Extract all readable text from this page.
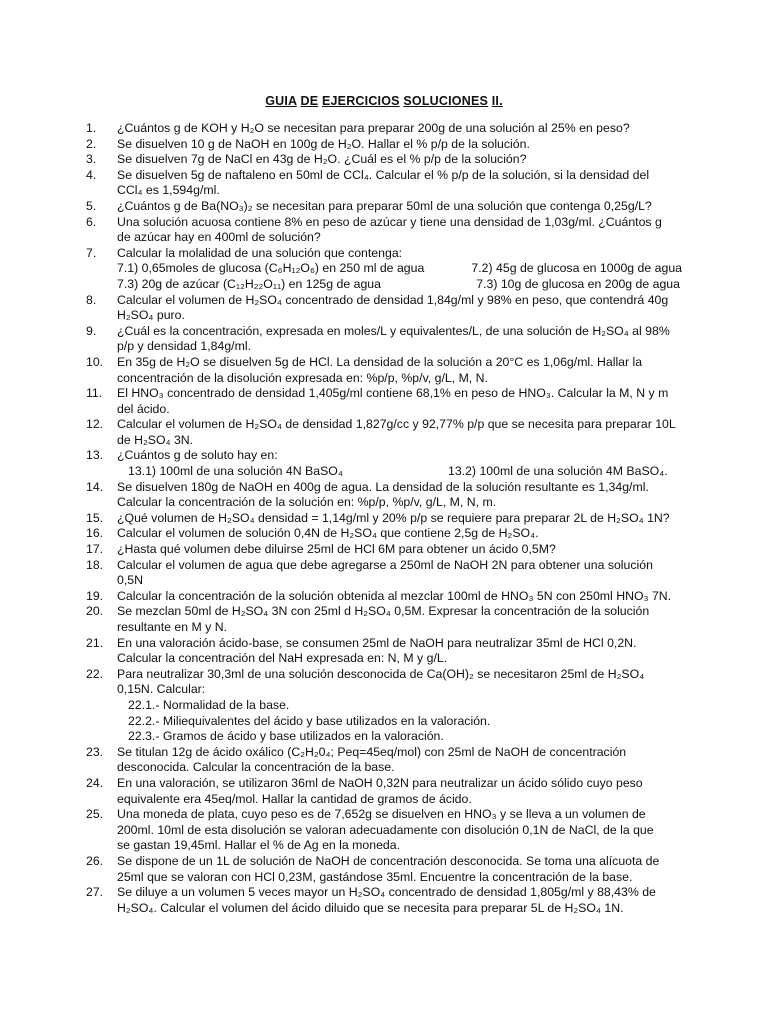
GUIA DE EJERCICIOS SOLUCIONES II.
1. ¿Cuántos g de KOH y H₂O se necesitan para preparar 200g de una solución al 25% en peso?
2. Se disuelven 10 g de NaOH en 100g de H₂O. Hallar el % p/p de la solución.
3. Se disuelven 7g de NaCl en 43g de H₂O. ¿Cuál es el % p/p de la solución?
4. Se disuelven 5g de naftaleno en 50ml de CCl₄. Calcular el % p/p de la solución, si la densidad del
CCl₄ es 1,594g/ml.
5. ¿Cuántos g de Ba(NO₃)₂ se necesitan para preparar 50ml de una solución que contenga 0,25g/L?
6. Una solución acuosa contiene 8% en peso de azúcar y tiene una densidad de 1,03g/ml. ¿Cuántos g
de azúcar hay en 400ml de solución?
7. Calcular la molalidad de una solución que contenga:
7.1) 0,65moles de glucosa (C₆H₁₂O₆) en 250 ml de agua	7.2) 45g de glucosa en 1000g de agua
7.3) 20g de azúcar (C₁₂H₂₂O₁₁) en 125g de agua	7.3) 10g de glucosa en 200g de agua
8. Calcular el volumen de H₂SO₄ concentrado de densidad 1,84g/ml y 98% en peso, que contendrá 40g
H₂SO₄ puro.
9. ¿Cuál es la concentración, expresada en moles/L y equivalentes/L, de una solución de H₂SO₄ al 98%
p/p y densidad 1,84g/ml.
10. En 35g de H₂O se disuelven 5g de HCl. La densidad de la solución a 20°C es 1,06g/ml. Hallar la
concentración de la disolución expresada en: %p/p, %p/v, g/L, M, N.
11. El HNO₃ concentrado de densidad 1,405g/ml contiene 68,1% en peso de HNO₃. Calcular la M, N y m
del ácido.
12. Calcular el volumen de H₂SO₄ de densidad 1,827g/cc y 92,77% p/p que se necesita para preparar 10L
de H₂SO₄ 3N.
13. ¿Cuántos g de soluto hay en:
13.1) 100ml de una solución 4N BaSO₄	13.2) 100ml de una solución 4M BaSO₄.
14. Se disuelven 180g de NaOH en 400g de agua. La densidad de la solución resultante es 1,34g/ml.
Calcular la concentración de la solución en: %p/p, %p/v, g/L, M, N, m.
15. ¿Qué volumen de H₂SO₄ densidad = 1,14g/ml y 20% p/p se requiere para preparar 2L de H₂SO₄ 1N?
16. Calcular el volumen de solución 0,4N de H₂SO₄ que contiene 2,5g de H₂SO₄.
17. ¿Hasta qué volumen debe diluirse 25ml de HCl 6M para obtener un ácido 0,5M?
18. Calcular el volumen de agua que debe agregarse a 250ml de NaOH 2N para obtener una solución
0,5N
19. Calcular la concentración de la solución obtenida al mezclar 100ml de HNO₃ 5N con 250ml HNO₃ 7N.
20. Se mezclan 50ml de H₂SO₄ 3N con 25ml d H₂SO₄ 0,5M. Expresar la concentración de la solución
resultante en M y N.
21. En una valoración ácido-base, se consumen 25ml de NaOH para neutralizar 35ml de HCl 0,2N.
Calcular la concentración del NaH expresada en: N, M y g/L.
22. Para neutralizar 30,3ml de una solución desconocida de Ca(OH)₂ se necesitaron 25ml de H₂SO₄
0,15N. Calcular:
22.1.- Normalidad de la base.
22.2.- Miliequivalentes del ácido y base utilizados en la valoración.
22.3.- Gramos de ácido y base utilizados en la valoración.
23. Se titulan 12g de ácido oxálico (C₂H₂0₄; Peq=45eq/mol) con 25ml de NaOH de concentración
desconocida. Calcular la concentración de la base.
24. En una valoración, se utilizaron 36ml de NaOH 0,32N para neutralizar un ácido sólido cuyo peso
equivalente era 45eq/mol. Hallar la cantidad de gramos de ácido.
25. Una moneda de plata, cuyo peso es de 7,652g se disuelven en HNO₃ y se lleva a un volumen de
200ml. 10ml de esta disolución se valoran adecuadamente con disolución 0,1N de NaCl, de la que
se gastan 19,45ml. Hallar el % de Ag en la moneda.
26. Se dispone de un 1L de solución de NaOH de concentración desconocida. Se toma una alícuota de
25ml que se valoran con HCl 0,23M, gastándose 35ml. Encuentre la concentración de la base.
27. Se diluye a un volumen 5 veces mayor un H₂SO₄ concentrado de densidad 1,805g/ml y 88,43% de
H₂SO₄. Calcular el volumen del ácido diluido que se necesita para preparar 5L de H₂SO₄ 1N.
